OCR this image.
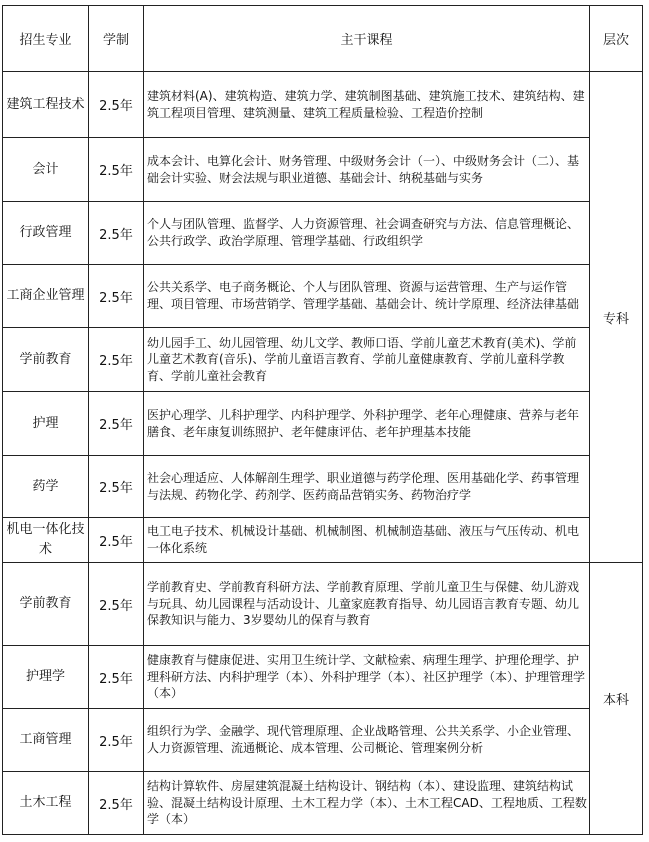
招生专业	学制	主干课程	层次
建筑工程技术	2.5年	建筑材料(A)、建筑构造、建筑力学、建筑制图基础、建筑施工技术、建筑结构、建筑工程项目管理、建筑测量、建筑工程质量检验、工程造价控制	专科
会计	2.5年	成本会计、电算化会计、财务管理、中级财务会计（一）、中级财务会计（二）、基础会计实验、财会法规与职业道德、基础会计、纳税基础与实务	
行政管理	2.5年	个人与团队管理、监督学、人力资源管理、社会调查研究与方法、信息管理概论、公共行政学、政治学原理、管理学基础、行政组织学	
工商企业管理	2.5年	公共关系学、电子商务概论、个人与团队管理、资源与运营管理、生产与运作管理、项目管理、市场营销学、管理学基础、基础会计、统计学原理、经济法律基础	
学前教育	2.5年	幼儿园手工、幼儿园管理、幼儿文学、教师口语、学前儿童艺术教育(美术)、学前儿童艺术教育(音乐)、学前儿童语言教育、学前儿童健康教育、学前儿童科学教育、学前儿童社会教育	
护理	2.5年	医护心理学、儿科护理学、内科护理学、外科护理学、老年心理健康、营养与老年膳食、老年康复训练照护、老年健康评估、老年护理基本技能	
药学	2.5年	社会心理适应、人体解剖生理学、职业道德与药学伦理、医用基础化学、药事管理与法规、药物化学、药剂学、医药商品营销实务、药物治疗学	
机电一体化技术	2.5年	电工电子技术、机械设计基础、机械制图、机械制造基础、液压与气压传动、机电一体化系统	
学前教育	2.5年	学前教育史、学前教育科研方法、学前教育原理、学前儿童卫生与保健、幼儿游戏与玩具、幼儿园课程与活动设计、儿童家庭教育指导、幼儿园语言教育专题、幼儿保教知识与能力、3岁婴幼儿的保育与教育	本科
护理学	2.5年	健康教育与健康促进、实用卫生统计学、文献检索、病理生理学、护理伦理学、护理科研方法、内科护理学（本）、外科护理学（本）、社区护理学（本）、护理管理学（本）	
工商管理	2.5年	组织行为学、金融学、现代管理原理、企业战略管理、公共关系学、小企业管理、人力资源管理、流通概论、成本管理、公司概论、管理案例分析	
土木工程	2.5年	结构计算软件、房屋建筑混凝土结构设计、钢结构（本）、建设监理、建筑结构试验、混凝土结构设计原理、土木工程力学（本）、土木工程CAD、工程地质、工程数学（本）	
